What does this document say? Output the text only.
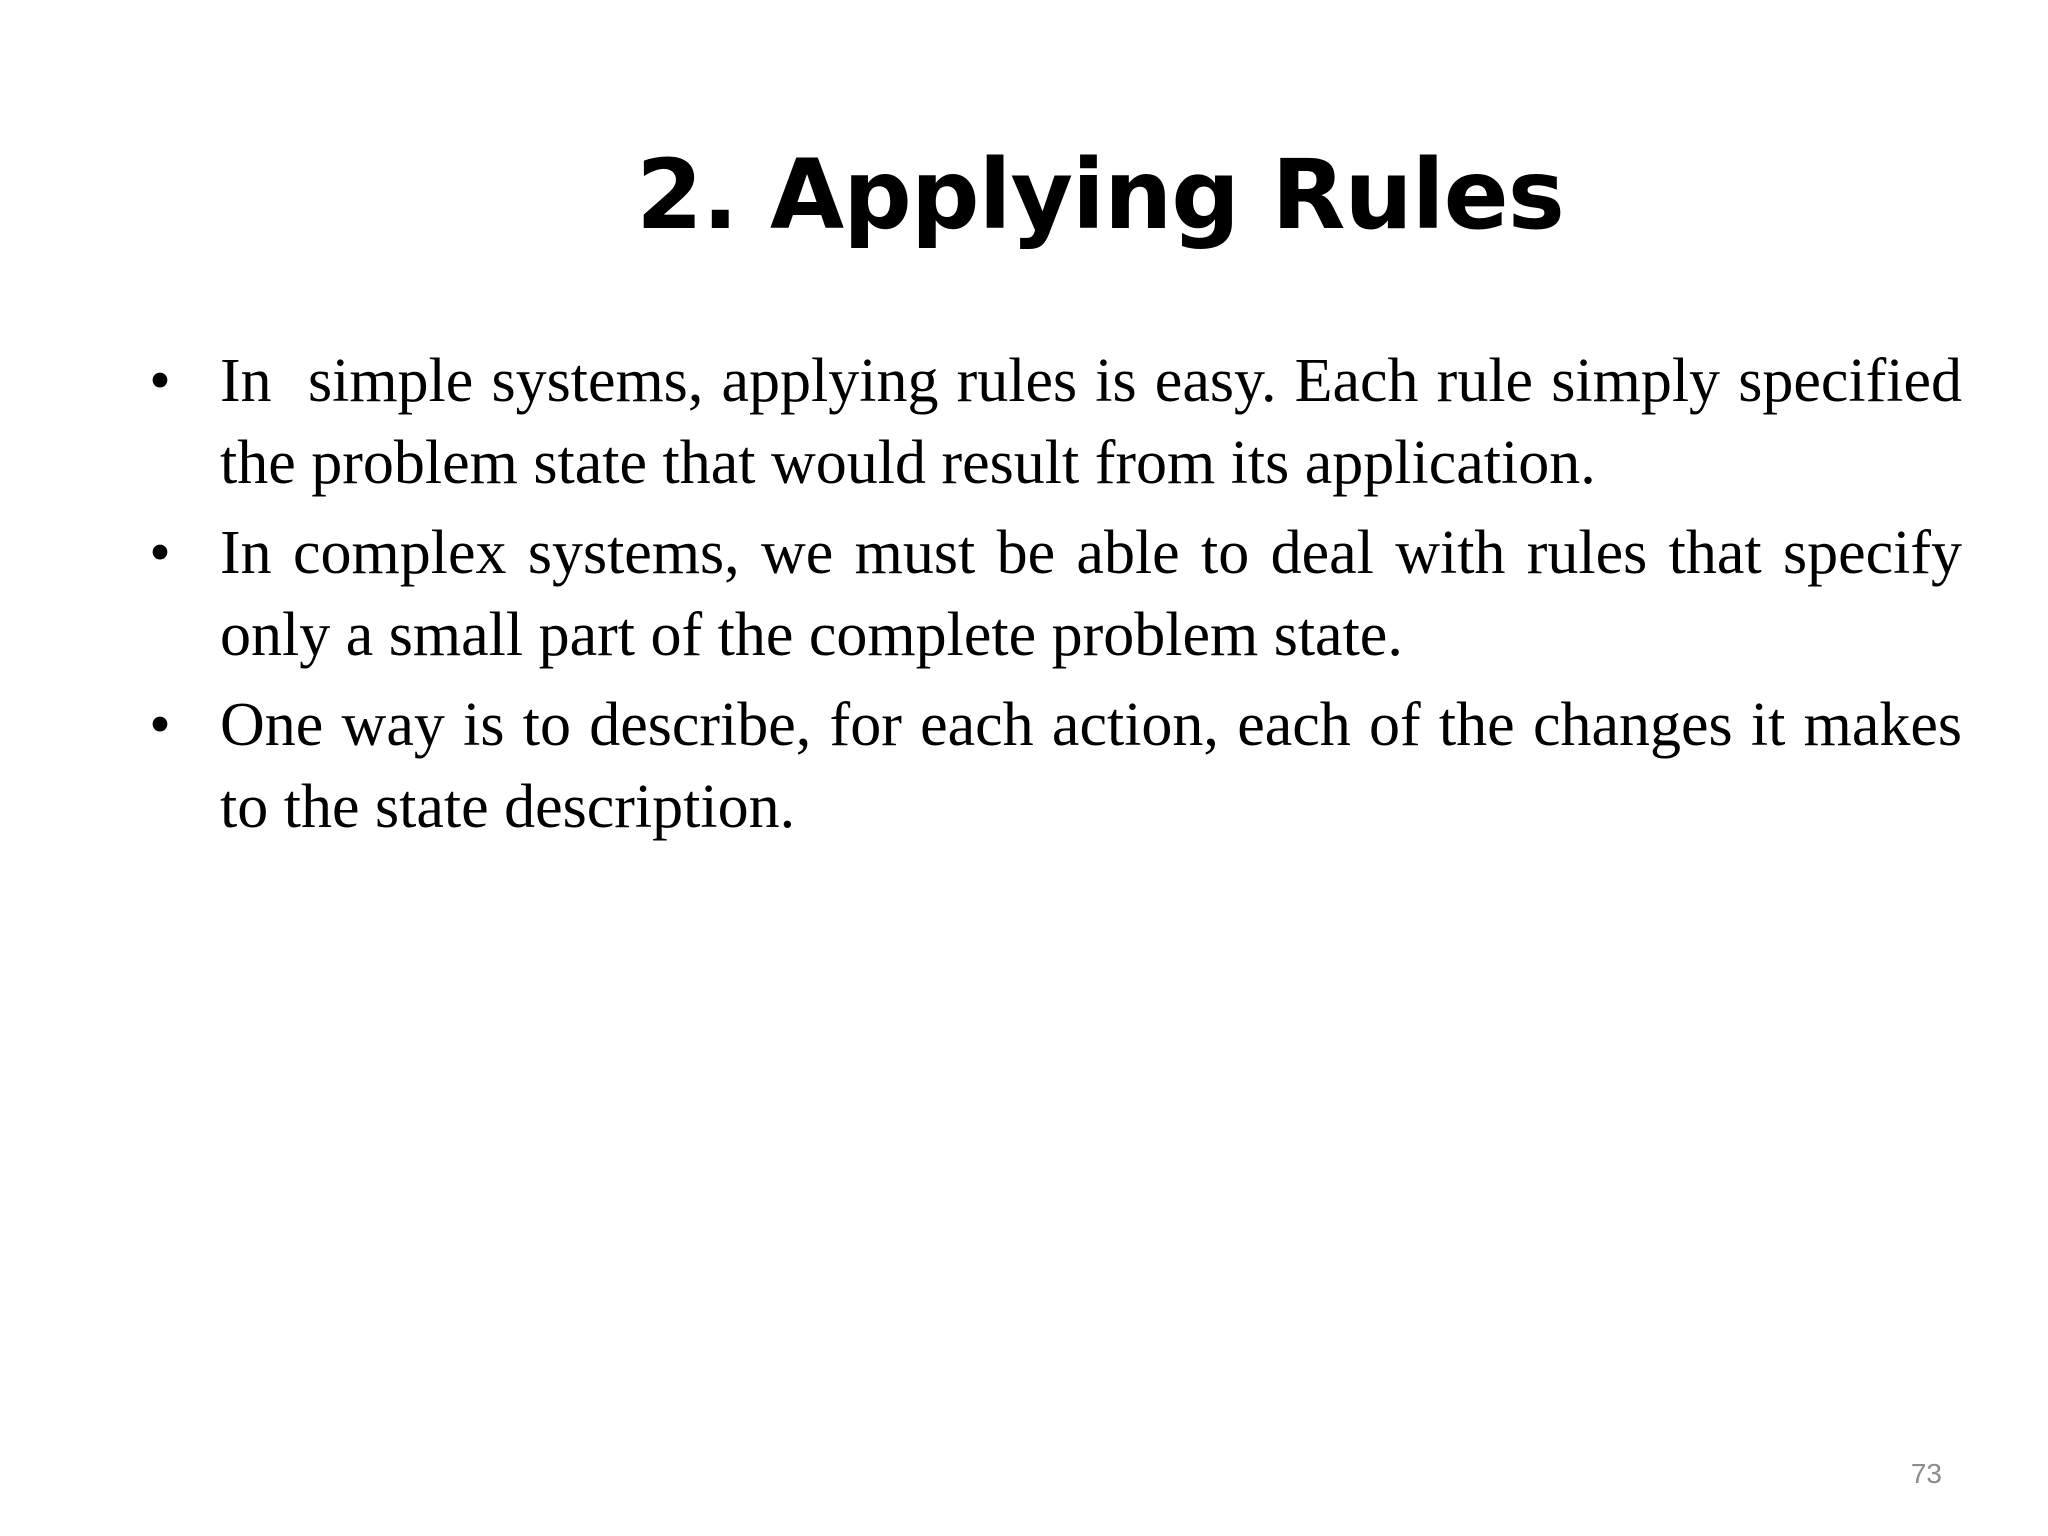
2. Applying Rules
• In  simple systems, applying rules is easy. Each rule simply specified the problem state that would result from its application.
• In complex systems, we must be able to deal with rules that specify only a small part of the complete problem state.
• One way is to describe, for each action, each of the changes it makes to the state description.
73
